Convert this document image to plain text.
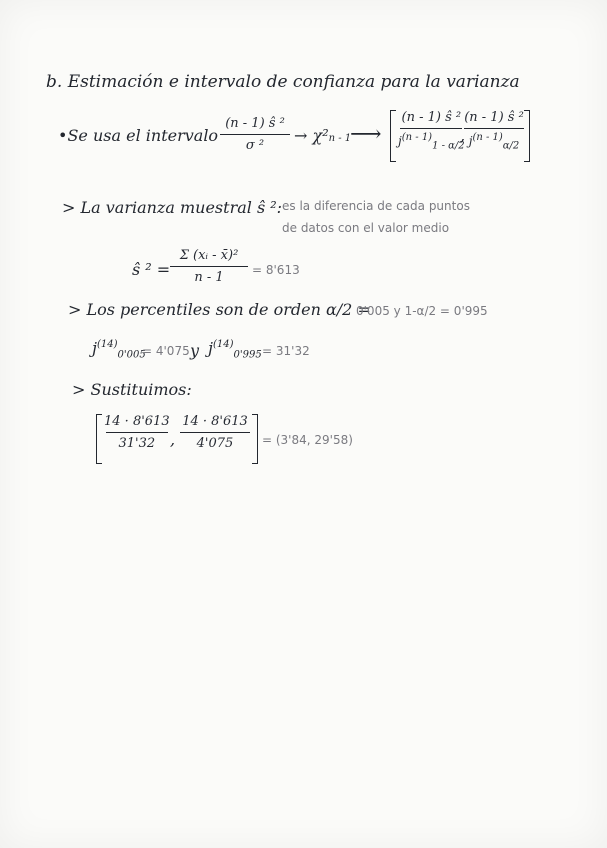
b. Estimación e intervalo de confianza para la varianza
•Se usa el intervalo
(n - 1) ŝ ²
σ ²
→ χ²n - 1
⟶
(n - 1) ŝ ²
$j^{(n - 1)}_{1 - \alpha/2}$
,
(n - 1) ŝ ²
$j^{(n - 1)}_{\alpha/2}$
> La varianza muestral ŝ ²: es la diferencia de cada puntos
de datos con el valor medio
ŝ ² =
Σ (xᵢ - x̄)²
n - 1 = 8'613
> Los percentiles son de orden α/2 =
0'005 y 1-α/2 = 0'995
$j^{(14)}_{0'005}$
= 4'075 y $j^{(14)}_{0'995} = 31'32$
> Sustituimos:
14 · 8'613
31'32 ,
14 · 8'613
4'075 = (3'84, 29'58)
